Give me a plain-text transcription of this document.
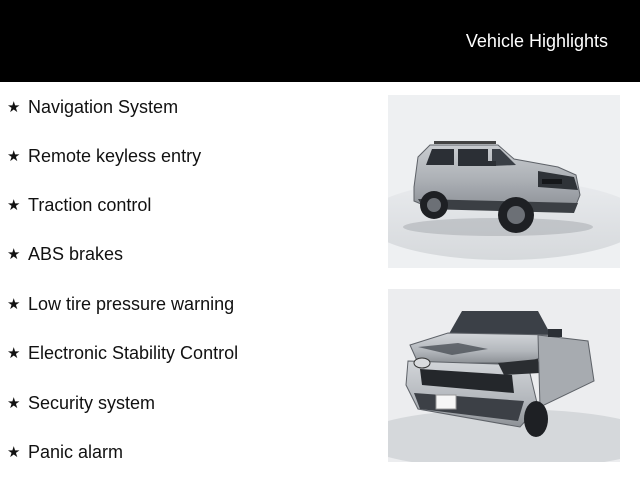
Vehicle Highlights
★ Navigation System
★ Remote keyless entry
★ Traction control
★ ABS brakes
★ Low tire pressure warning
★ Electronic Stability Control
★ Security system
★ Panic alarm
